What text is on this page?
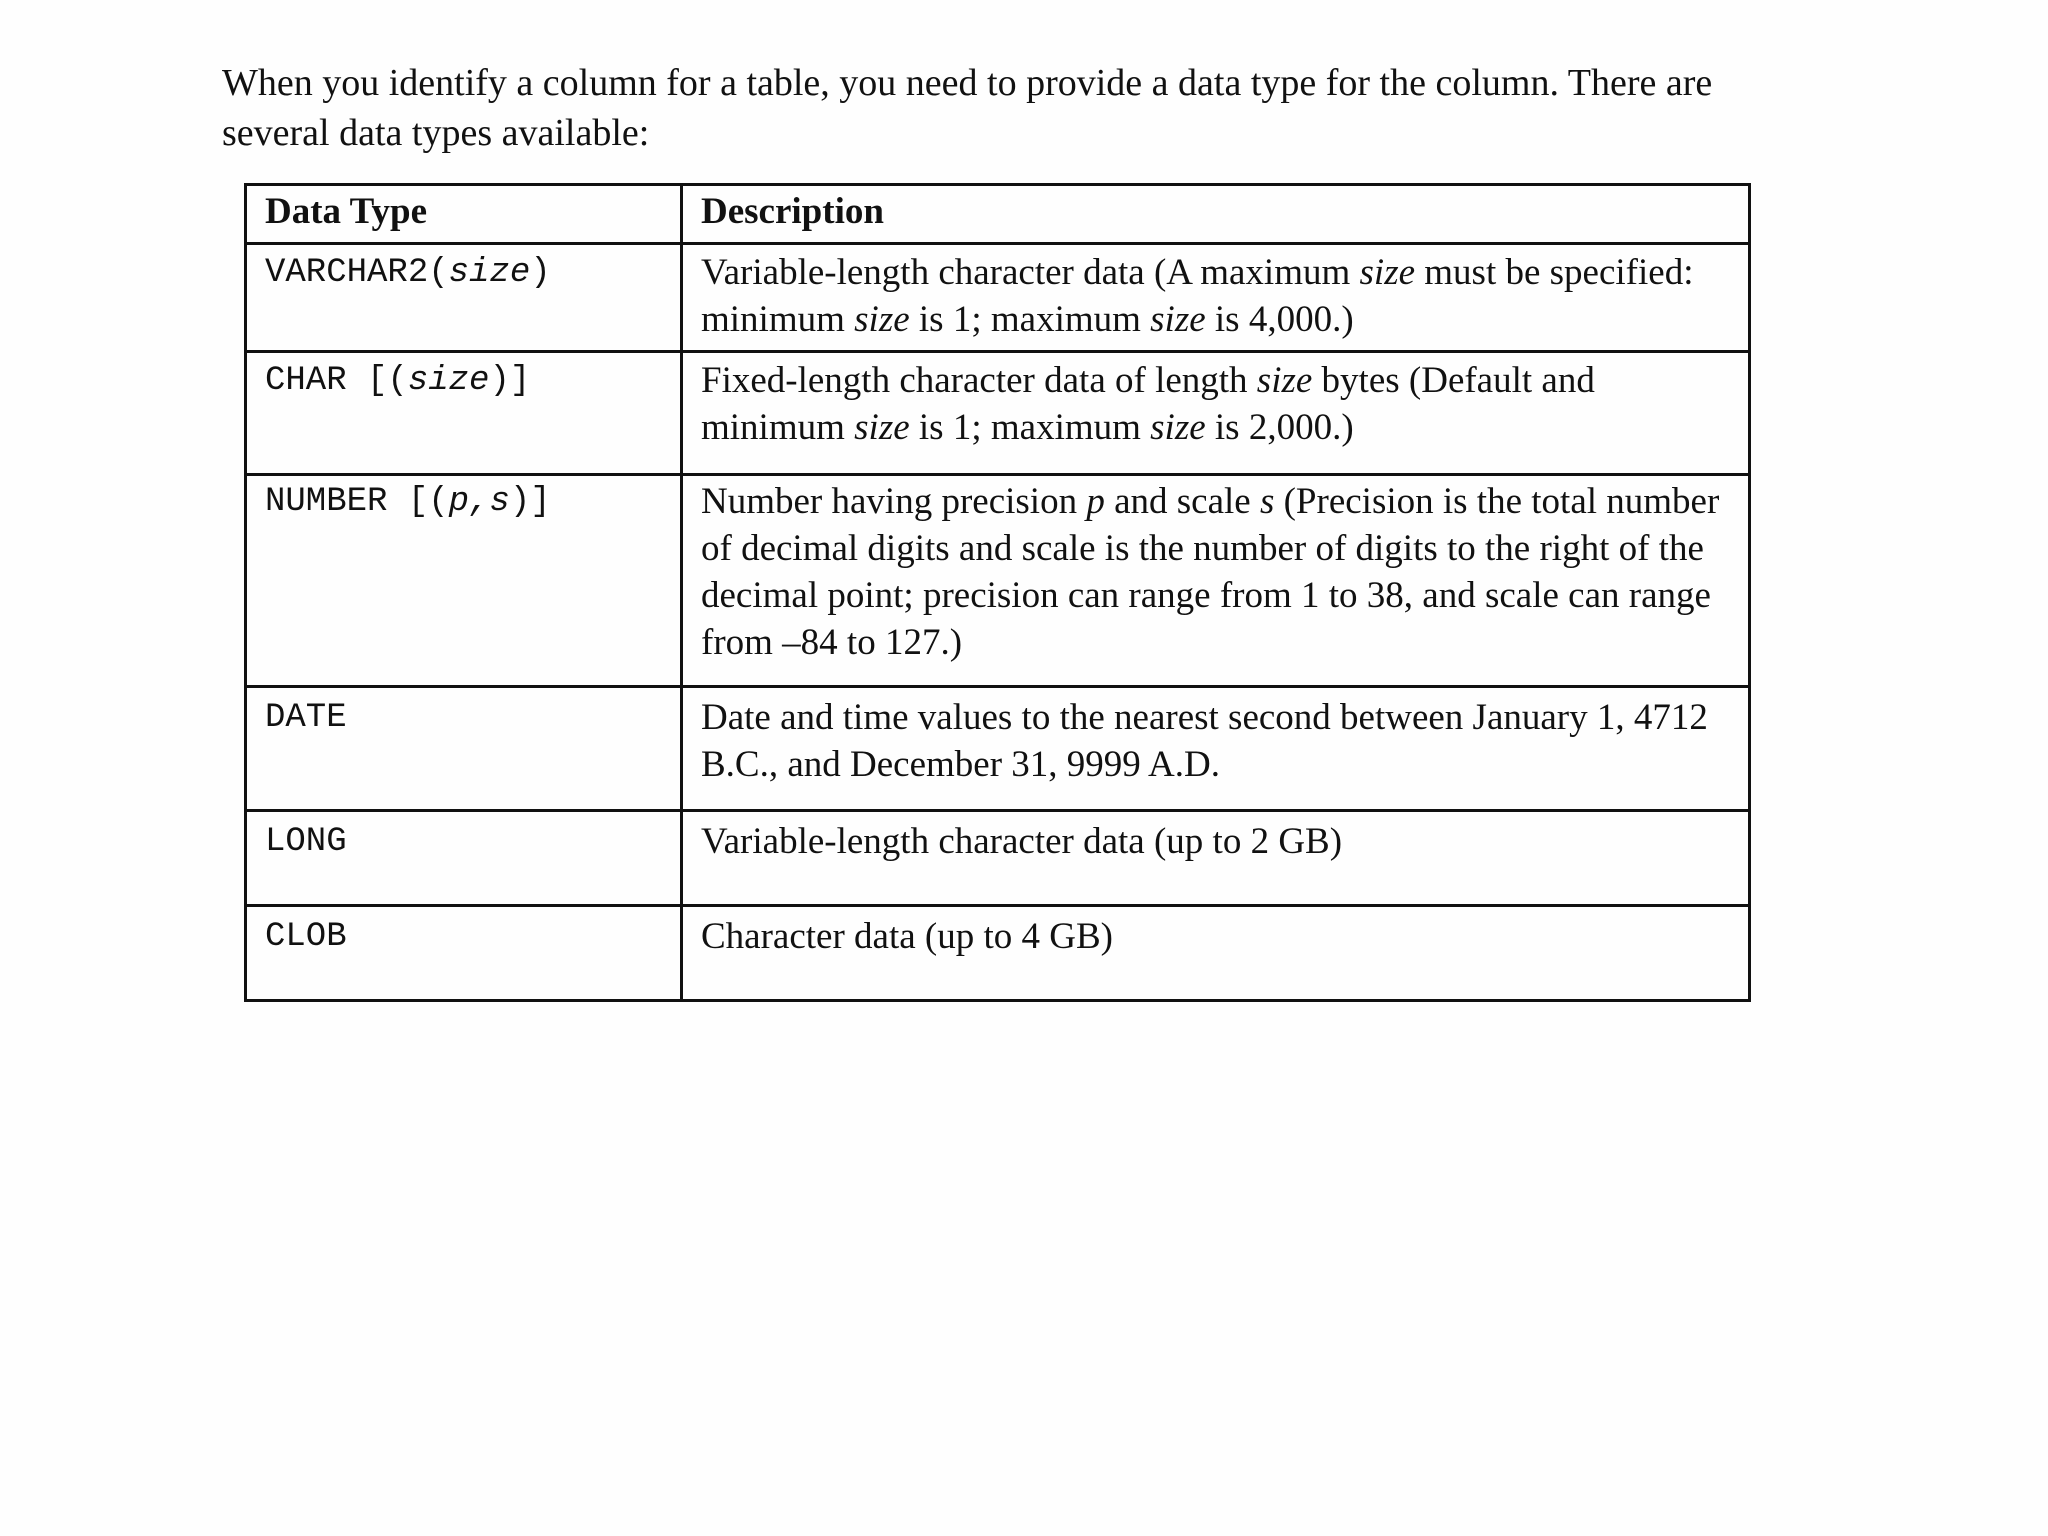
When you identify a column for a table, you need to provide a data type for the column. There are
several data types available:
Data Type	Description
VARCHAR2(size)	Variable-length character data (A maximum size must be specified: minimum size is 1; maximum size is 4,000.)
CHAR [(size)]	Fixed-length character data of length size bytes (Default and minimum size is 1; maximum size is 2,000.)
NUMBER [(p,s)]	Number having precision p and scale s (Precision is the total number of decimal digits and scale is the number of digits to the right of the decimal point; precision can range from 1 to 38, and scale can range from –84 to 127.)
DATE	Date and time values to the nearest second between January 1, 4712 B.C., and December 31, 9999 A.D.
LONG	Variable-length character data (up to 2 GB)
CLOB	Character data (up to 4 GB)
